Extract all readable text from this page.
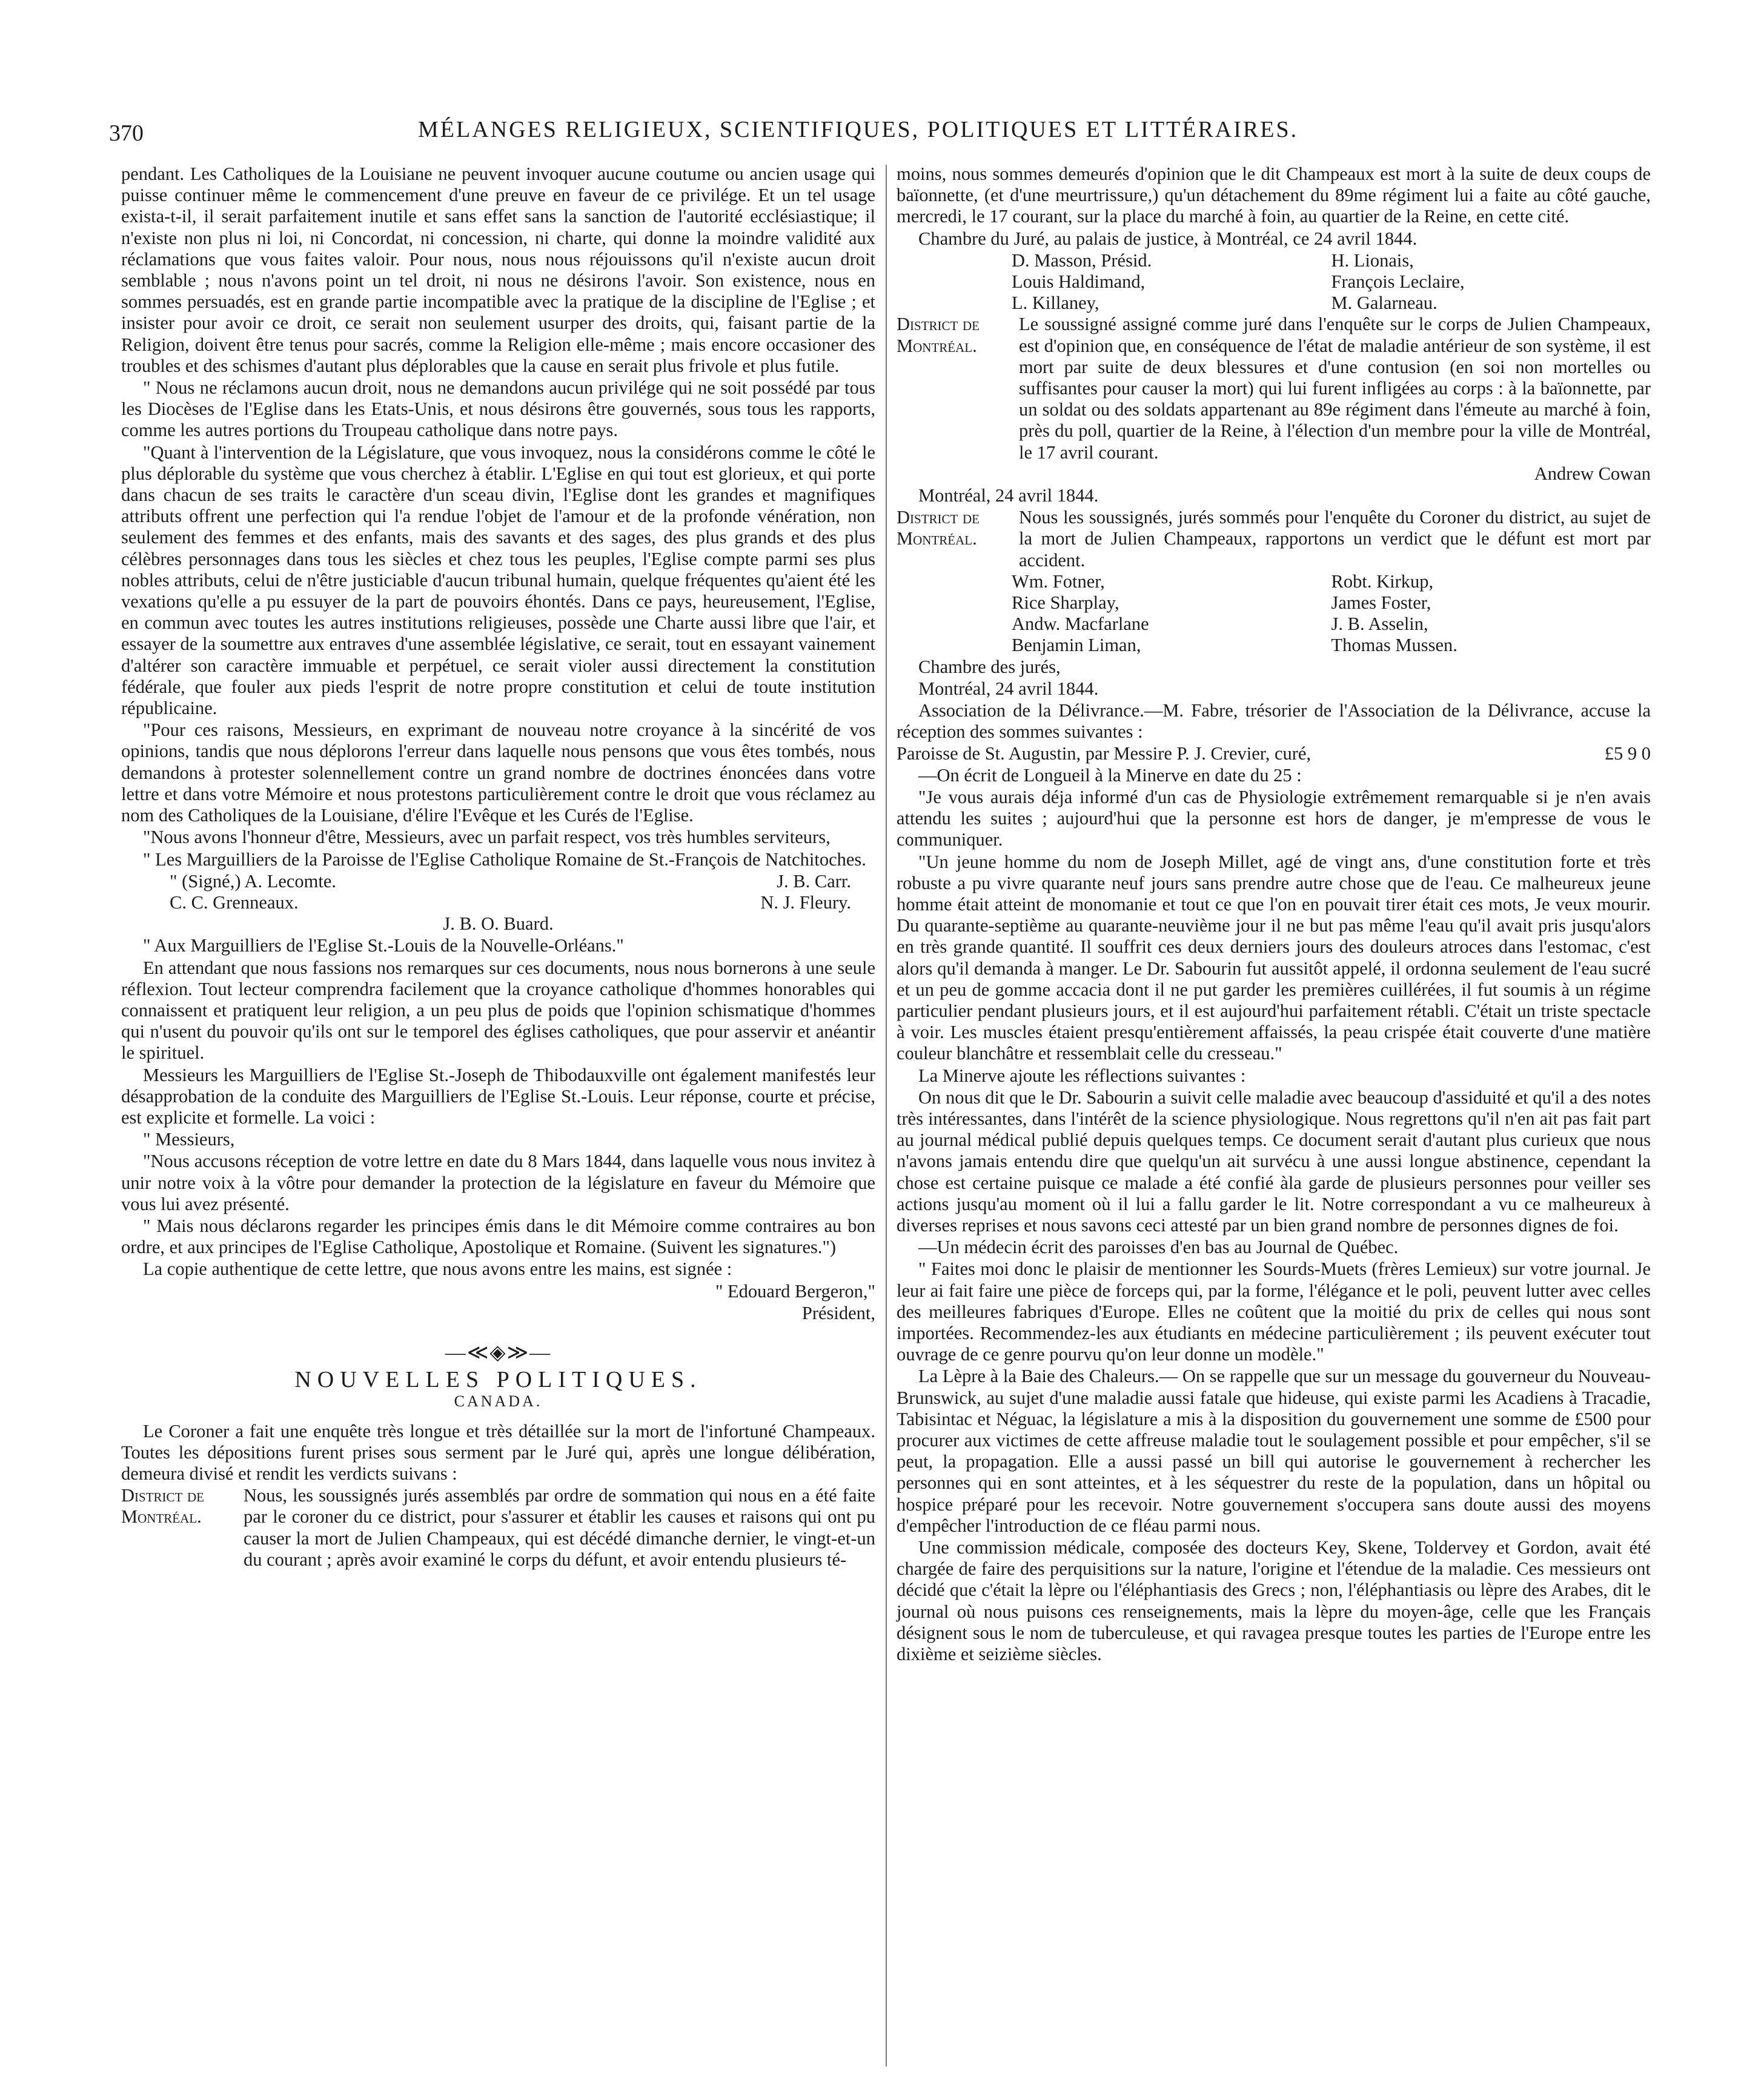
370	MÉLANGES RELIGIEUX, SCIENTIFIQUES, POLITIQUES ET LITTÉRAIRES.

pendant. Les Catholiques de la Louisiane ne peuvent invoquer aucune coutume ou ancien usage qui puisse continuer même le commencement d'une preuve en faveur de ce privilége. Et un tel usage exista-t-il, il serait parfaitement inutile et sans effet sans la sanction de l'autorité ecclésiastique; il n'existe non plus ni loi, ni Concordat, ni concession, ni charte, qui donne la moindre validité aux réclamations que vous faites valoir. Pour nous, nous nous réjouissons qu'il n'existe aucun droit semblable ; nous n'avons point un tel droit, ni nous ne désirons l'avoir. Son existence, nous en sommes persuadés, est en grande partie incompatible avec la pratique de la discipline de l'Eglise ; et insister pour avoir ce droit, ce serait non seulement usurper des droits, qui, faisant partie de la Religion, doivent être tenus pour sacrés, comme la Religion elle-même ; mais encore occasioner des troubles et des schismes d'autant plus déplorables que la cause en serait plus frivole et plus futile.

" Nous ne réclamons aucun droit, nous ne demandons aucun privilége qui ne soit possédé par tous les Diocèses de l'Eglise dans les Etats-Unis, et nous désirons être gouvernés, sous tous les rapports, comme les autres portions du Troupeau catholique dans notre pays.

"Quant à l'intervention de la Législature, que vous invoquez, nous la considérons comme le côté le plus déplorable du système que vous cherchez à établir. L'Eglise en qui tout est glorieux, et qui porte dans chacun de ses traits le caractère d'un sceau divin, l'Eglise dont les grandes et magnifiques attributs offrent une perfection qui l'a rendue l'objet de l'amour et de la profonde vénération, non seulement des femmes et des enfants, mais des savants et des sages, des plus grands et des plus célèbres personnages dans tous les siècles et chez tous les peuples, l'Eglise compte parmi ses plus nobles attributs, celui de n'être justiciable d'aucun tribunal humain, quelque fréquentes qu'aient été les vexations qu'elle a pu essuyer de la part de pouvoirs éhontés. Dans ce pays, heureusement, l'Eglise, en commun avec toutes les autres institutions religieuses, possède une Charte aussi libre que l'air, et essayer de la soumettre aux entraves d'une assemblée législative, ce serait, tout en essayant vainement d'altérer son caractère immuable et perpétuel, ce serait violer aussi directement la constitution fédérale, que fouler aux pieds l'esprit de notre propre constitution et celui de toute institution républicaine.

"Pour ces raisons, Messieurs, en exprimant de nouveau notre croyance à la sincérité de vos opinions, tandis que nous déplorons l'erreur dans laquelle nous pensons que vous êtes tombés, nous demandons à protester solennellement contre un grand nombre de doctrines énoncées dans votre lettre et dans votre Mémoire et nous protestons particulièrement contre le droit que vous réclamez au nom des Catholiques de la Louisiane, d'élire l'Evêque et les Curés de l'Eglise.

"Nous avons l'honneur d'être, Messieurs, avec un parfait respect, vos très humbles serviteurs,

" Les Marguilliers de la Paroisse de l'Eglise Catholique Romaine de St.-François de Natchitoches.

" (Signé,) A. Lecomte.	J. B. Carr.
C. C. Grenneaux.	N. J. Fleury.

J. B. O. Buard.

" Aux Marguilliers de l'Eglise St.-Louis de la Nouvelle-Orléans."

En attendant que nous fassions nos remarques sur ces documents, nous nous bornerons à une seule réflexion. Tout lecteur comprendra facilement que la croyance catholique d'hommes honorables qui connaissent et pratiquent leur religion, a un peu plus de poids que l'opinion schismatique d'hommes qui n'usent du pouvoir qu'ils ont sur le temporel des églises catholiques, que pour asservir et anéantir le spirituel.

Messieurs les Marguilliers de l'Eglise St.-Joseph de Thibodauxville ont également manifestés leur désapprobation de la conduite des Marguilliers de l'Eglise St.-Louis. Leur réponse, courte et précise, est explicite et formelle. La voici :

" Messieurs,

"Nous accusons réception de votre lettre en date du 8 Mars 1844, dans laquelle vous nous invitez à unir notre voix à la vôtre pour demander la protection de la législature en faveur du Mémoire que vous lui avez présenté.

" Mais nous déclarons regarder les principes émis dans le dit Mémoire comme contraires au bon ordre, et aux principes de l'Eglise Catholique, Apostolique et Romaine. (Suivent les signatures.")

La copie authentique de cette lettre, que nous avons entre les mains, est signée :

" Edouard Bergeron,"

Président,

—≪◈≫—
NOUVELLES POLITIQUES.
CANADA.

Le Coroner a fait une enquête très longue et très détaillée sur la mort de l'infortuné Champeaux. Toutes les dépositions furent prises sous serment par le Juré qui, après une longue délibération, demeura divisé et rendit les verdicts suivans :

District de Montréal.
Nous, les soussignés jurés assemblés par ordre de sommation qui nous en a été faite par le coroner du ce district, pour s'assurer et établir les causes et raisons qui ont pu causer la mort de Julien Champeaux, qui est décédé dimanche dernier, le vingt-et-un du courant ; après avoir examiné le corps du défunt, et avoir entendu plusieurs té-

moins, nous sommes demeurés d'opinion que le dit Champeaux est mort à la suite de deux coups de baïonnette, (et d'une meurtrissure,) qu'un détachement du 89me régiment lui a faite au côté gauche, mercredi, le 17 courant, sur la place du marché à foin, au quartier de la Reine, en cette cité.

Chambre du Juré, au palais de justice, à Montréal, ce 24 avril 1844.

D. Masson, Présid.	H. Lionais,
Louis Haldimand,	François Leclaire,
L. Killaney,	M. Galarneau.
District de Montréal.
Le soussigné assigné comme juré dans l'enquête sur le corps de Julien Champeaux, est d'opinion que, en conséquence de l'état de maladie antérieur de son système, il est mort par suite de deux blessures et d'une contusion (en soi non mortelles ou suffisantes pour causer la mort) qui lui furent infligées au corps : à la baïonnette, par un soldat ou des soldats appartenant au 89e régiment dans l'émeute au marché à foin, près du poll, quartier de la Reine, à l'élection d'un membre pour la ville de Montréal, le 17 avril courant.

Andrew Cowan

Montréal, 24 avril 1844.

District de Montréal.
Nous les soussignés, jurés sommés pour l'enquête du Coroner du district, au sujet de la mort de Julien Champeaux, rapportons un verdict que le défunt est mort par accident.
Wm. Fotner,	Robt. Kirkup,
Rice Sharplay,	James Foster,
Andw. Macfarlane	J. B. Asselin,
Benjamin Liman,	Thomas Mussen.

Chambre des jurés,

Montréal, 24 avril 1844.

Association de la Délivrance.—M. Fabre, trésorier de l'Association de la Délivrance, accuse la réception des sommes suivantes :

Paroisse de St. Augustin, par Messire P. J. Crevier, curé,	£5 9 0

—On écrit de Longueil à la Minerve en date du 25 :

"Je vous aurais déja informé d'un cas de Physiologie extrêmement remarquable si je n'en avais attendu les suites ; aujourd'hui que la personne est hors de danger, je m'empresse de vous le communiquer.

"Un jeune homme du nom de Joseph Millet, agé de vingt ans, d'une constitution forte et très robuste a pu vivre quarante neuf jours sans prendre autre chose que de l'eau. Ce malheureux jeune homme était atteint de monomanie et tout ce que l'on en pouvait tirer était ces mots, Je veux mourir. Du quarante-septième au quarante-neuvième jour il ne but pas même l'eau qu'il avait pris jusqu'alors en très grande quantité. Il souffrit ces deux derniers jours des douleurs atroces dans l'estomac, c'est alors qu'il demanda à manger. Le Dr. Sabourin fut aussitôt appelé, il ordonna seulement de l'eau sucré et un peu de gomme accacia dont il ne put garder les premières cuillérées, il fut soumis à un régime particulier pendant plusieurs jours, et il est aujourd'hui parfaitement rétabli. C'était un triste spectacle à voir. Les muscles étaient presqu'entièrement affaissés, la peau crispée était couverte d'une matière couleur blanchâtre et ressemblait celle du cresseau."

La Minerve ajoute les réflections suivantes :

On nous dit que le Dr. Sabourin a suivit celle maladie avec beaucoup d'assiduité et qu'il a des notes très intéressantes, dans l'intérêt de la science physiologique. Nous regrettons qu'il n'en ait pas fait part au journal médical publié depuis quelques temps. Ce document serait d'autant plus curieux que nous n'avons jamais entendu dire que quelqu'un ait survécu à une aussi longue abstinence, cependant la chose est certaine puisque ce malade a été confié àla garde de plusieurs personnes pour veiller ses actions jusqu'au moment où il lui a fallu garder le lit. Notre correspondant a vu ce malheureux à diverses reprises et nous savons ceci attesté par un bien grand nombre de personnes dignes de foi.

—Un médecin écrit des paroisses d'en bas au Journal de Québec.

" Faites moi donc le plaisir de mentionner les Sourds-Muets (frères Lemieux) sur votre journal. Je leur ai fait faire une pièce de forceps qui, par la forme, l'élégance et le poli, peuvent lutter avec celles des meilleures fabriques d'Europe. Elles ne coûtent que la moitié du prix de celles qui nous sont importées. Recommendez-les aux étudiants en médecine particulièrement ; ils peuvent exécuter tout ouvrage de ce genre pourvu qu'on leur donne un modèle."

La Lèpre à la Baie des Chaleurs.— On se rappelle que sur un message du gouverneur du Nouveau-Brunswick, au sujet d'une maladie aussi fatale que hideuse, qui existe parmi les Acadiens à Tracadie, Tabisintac et Néguac, la législature a mis à la disposition du gouvernement une somme de £500 pour procurer aux victimes de cette affreuse maladie tout le soulagement possible et pour empêcher, s'il se peut, la propagation. Elle a aussi passé un bill qui autorise le gouvernement à rechercher les personnes qui en sont atteintes, et à les séquestrer du reste de la population, dans un hôpital ou hospice préparé pour les recevoir. Notre gouvernement s'occupera sans doute aussi des moyens d'empêcher l'introduction de ce fléau parmi nous.

Une commission médicale, composée des docteurs Key, Skene, Toldervey et Gordon, avait été chargée de faire des perquisitions sur la nature, l'origine et l'étendue de la maladie. Ces messieurs ont décidé que c'était la lèpre ou l'éléphantiasis des Grecs ; non, l'éléphantiasis ou lèpre des Arabes, dit le journal où nous puisons ces renseignements, mais la lèpre du moyen-âge, celle que les Français désignent sous le nom de tuberculeuse, et qui ravagea presque toutes les parties de l'Europe entre les dixième et seizième siècles.
